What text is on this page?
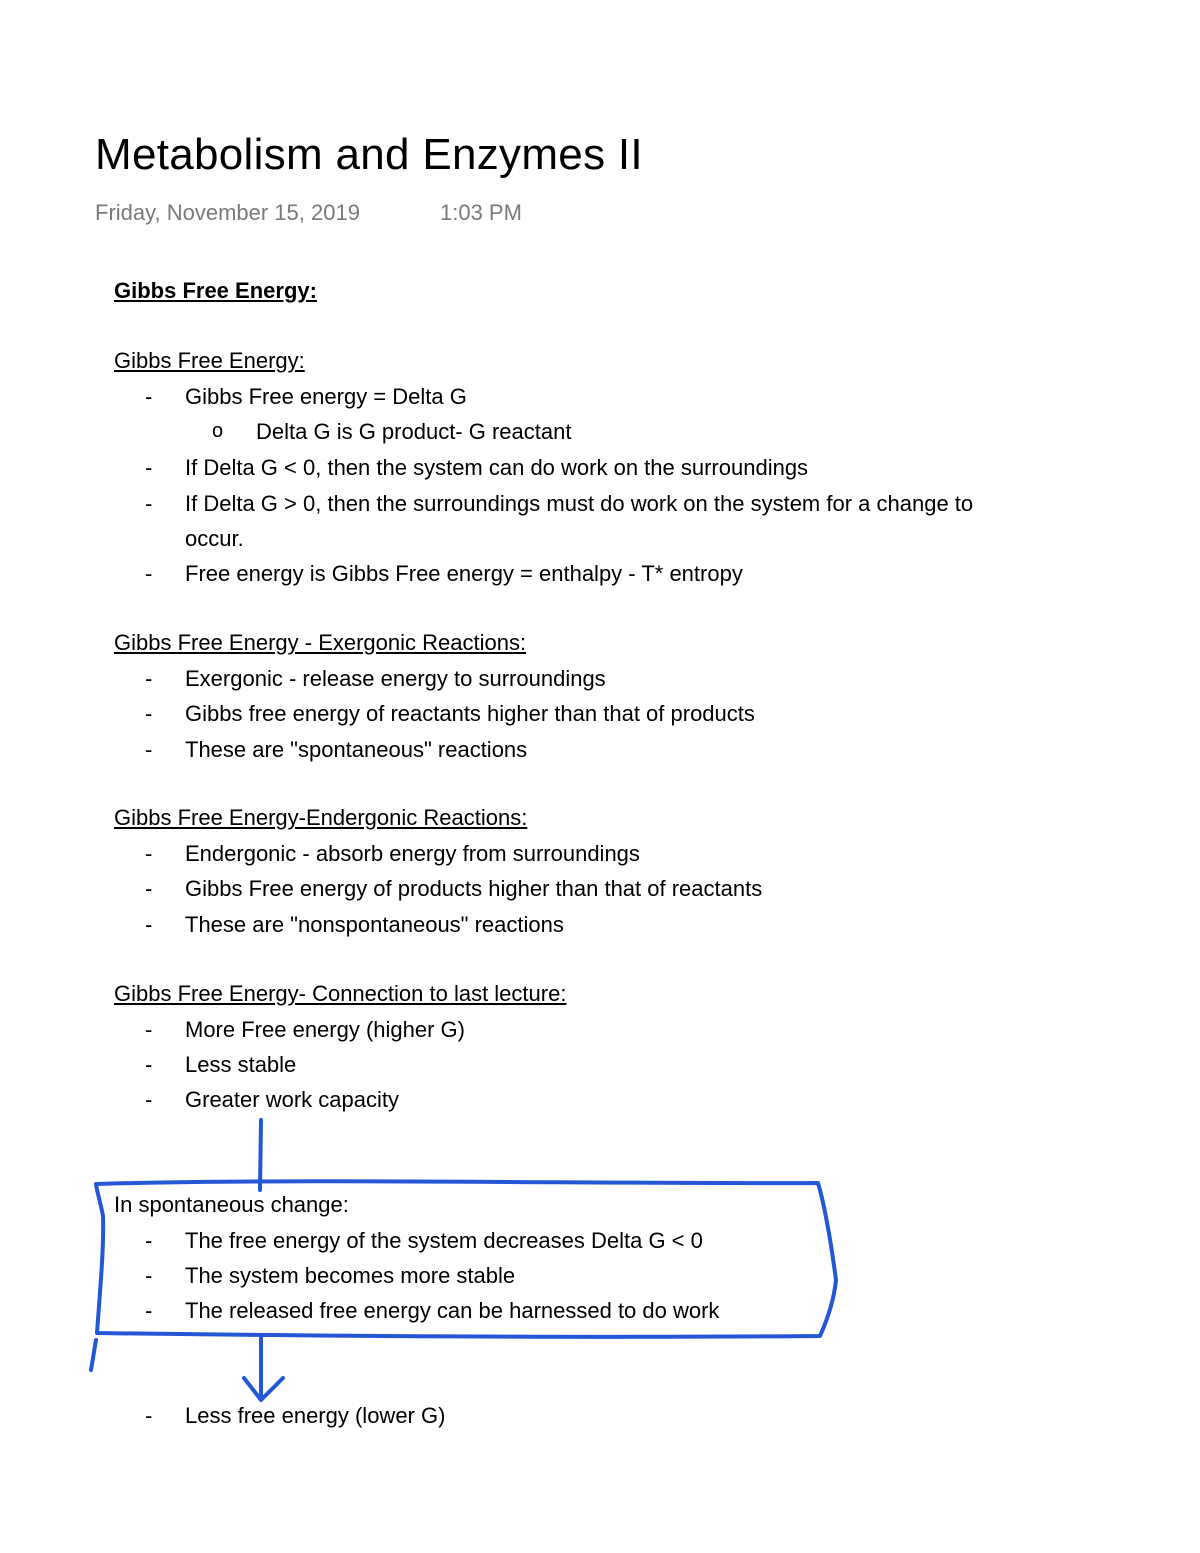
Metabolism and Enzymes II
Friday, November 15, 2019	1:03 PM
Gibbs Free Energy:
Gibbs Free Energy:
- Gibbs Free energy = Delta G
o Delta G is G product- G reactant
- If Delta G < 0, then the system can do work on the surroundings
- If Delta G > 0, then the surroundings must do work on the system for a change to
occur.
- Free energy is Gibbs Free energy = enthalpy - T* entropy
Gibbs Free Energy - Exergonic Reactions:
- Exergonic - release energy to surroundings
- Gibbs free energy of reactants higher than that of products
- These are "spontaneous" reactions
Gibbs Free Energy-Endergonic Reactions:
- Endergonic - absorb energy from surroundings
- Gibbs Free energy of products higher than that of reactants
- These are "nonspontaneous" reactions
Gibbs Free Energy- Connection to last lecture:
- More Free energy (higher G)
- Less stable
- Greater work capacity
In spontaneous change:
- The free energy of the system decreases Delta G < 0
- The system becomes more stable
- The released free energy can be harnessed to do work
- Less free energy (lower G)
